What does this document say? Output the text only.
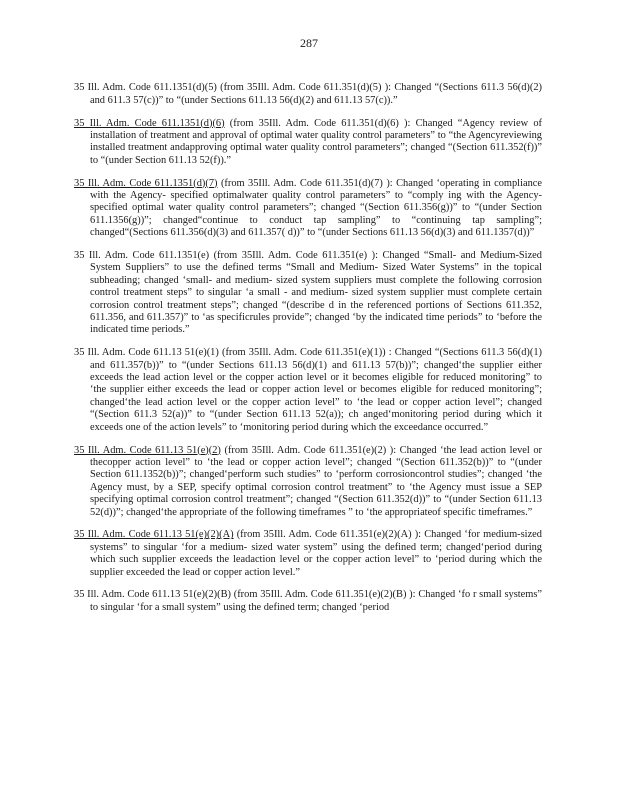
287

35 Ill. Adm. Code 611.1351(d)(5) (from 35Ill. Adm. Code 611.351(d)(5) ): Changed “(Sections 611.3 56(d)(2) and 611.3 57(c))” to “(under Sections 611.13 56(d)(2) and 611.13 57(c)).”

35 Ill. Adm. Code 611.1351(d)(6) (from 35Ill. Adm. Code 611.351(d)(6) ): Changed “Agency review of installation of treatment and approval of optimal water quality control parameters” to “the Agencyreviewing installed treatment andapproving optimal water quality control parameters”; changed “(Section 611.352(f))” to “(under Section 611.13 52(f)).”

35 Ill. Adm. Code 611.1351(d)(7) (from 35Ill. Adm. Code 611.351(d)(7) ): Changed ‘operating in compliance with the Agency- specified optimalwater quality control parameters” to “comply ing with the Agency- specified optimal water quality control parameters”; changed “(Section 611.356(g))” to “(under Section 611.1356(g))”; changed“continue to conduct tap sampling” to “continuing tap sampling”; changed“(Sections 611.356(d)(3) and 611.357( d))” to “(under Sections 611.13 56(d)(3) and 611.1357(d))”

35 Ill. Adm. Code 611.1351(e) (from 35Ill. Adm. Code 611.351(e) ): Changed “Small- and Medium-Sized System Suppliers” to use the defined terms “Small and Medium- Sized Water Systems” in the topical subheading; changed ‘small- and medium- sized system suppliers must complete the following corrosion control treatment steps” to singular ‘a small - and medium- sized system supplier must complete certain corrosion control treatment steps”; changed “(describe d in the referenced portions of Sections 611.352, 611.356, and 611.357)” to ‘as specificrules provide”; changed ‘by the indicated time periods” to ‘before the indicated time periods.”

35 Ill. Adm. Code 611.13 51(e)(1) (from 35Ill. Adm. Code 611.351(e)(1)) : Changed “(Sections 611.3 56(d)(1) and 611.357(b))” to “(under Sections 611.13 56(d)(1) and 611.13 57(b))”; changed‘the supplier either exceeds the lead action level or the copper action level or it becomes eligible for reduced monitoring” to ‘the supplier either exceeds the lead or copper action level or becomes eligible for reduced monitoring”; changed‘the lead action level or the copper action level” to ‘the lead or copper action level”; changed “(Section 611.3 52(a))” to “(under Section 611.13 52(a)); ch anged‘monitoring period during which it exceeds one of the action levels” to ‘monitoring period during which the exceedance occurred.”

35 Ill. Adm. Code 611.13 51(e)(2) (from 35Ill. Adm. Code 611.351(e)(2) ): Changed ‘the lead action level or thecopper action level” to ‘the lead or copper action level”; changed “(Section 611.352(b))” to “(under Section 611.1352(b))”; changed‘perform such studies” to ‘perform corrosioncontrol studies”; changed ‘the Agency must, by a SEP, specify optimal corrosion control treatment” to ‘the Agency must issue a SEP specifying optimal corrosion control treatment”; changed “(Section 611.352(d))” to “(under Section 611.13 52(d))”; changed‘the appropriate of the following timeframes ” to ‘the appropriateof specific timeframes.”

35 Ill. Adm. Code 611.13 51(e)(2)(A) (from 35Ill. Adm. Code 611.351(e)(2)(A) ): Changed ‘for medium-sized systems” to singular ‘for a medium- sized water system” using the defined term; changed‘period during which such supplier exceeds the leadaction level or the copper action level” to ‘period during which the supplier exceeded the lead or copper action level.”

35 Ill. Adm. Code 611.13 51(e)(2)(B) (from 35Ill. Adm. Code 611.351(e)(2)(B) ): Changed ‘fo r small systems” to singular ‘for a small system” using the defined term; changed ‘period
